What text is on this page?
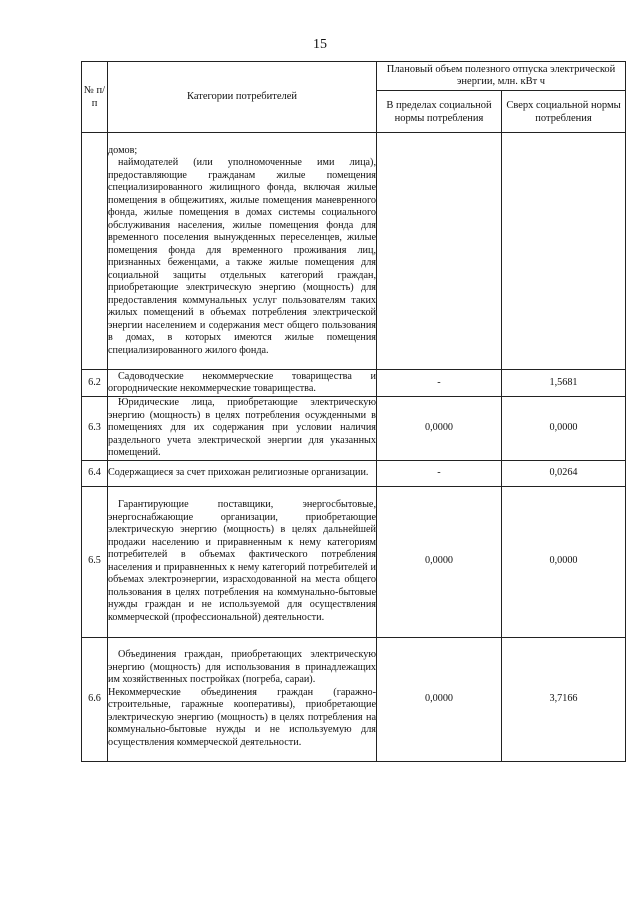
15
№ п/п	Категории потребителей	Плановый объем полезного отпуска электрической энергии, млн. кВт ч	
		В пределах социальной нормы потребления	Сверх социальной нормы потребления

	домов;

наймодателей (или уполномоченные ими лица), предоставляющие гражданам жилые помещения специализированного жилищного фонда, включая жилые помещения в общежитиях, жилые помещения маневренного фонда, жилые помещения в домах системы социального обслуживания населения, жилые помещения фонда для временного поселения вынужденных переселенцев, жилые помещения фонда для временного проживания лиц, признанных беженцами, а также жилые помещения для социальной защиты отдельных категорий граждан, приобретающие электрическую энергию (мощность) для предоставления коммунальных услуг пользователям таких жилых помещений в объемах потребления электрической энергии населением и содержания мест общего пользования в домах, в которых имеются жилые помещения специализированного жилого фонда.		

6.2	Садоводческие некоммерческие товарищества и огороднические некоммерческие товарищества.	-	1,5681
6.3	Юридические лица, приобретающие электрическую энергию (мощность) в целях потребления осужденными в помещениях для их содержания при условии наличия раздельного учета электрической энергии для указанных помещений.	0,0000	0,0000
6.4	Содержащиеся за счет прихожан религиозные организации.	-	0,0264
6.5	Гарантирующие поставщики, энергосбытовые, энергоснабжающие организации, приобретающие электрическую энергию (мощность) в целях дальнейшей продажи населению и приравненным к нему категориям потребителей в объемах фактического потребления населения и приравненных к нему категорий потребителей и объемах электроэнергии, израсходованной на места общего пользования в целях потребления на коммунально-бытовые нужды граждан и не используемой для осуществления коммерческой (профессиональной) деятельности.	0,0000	0,0000
6.6	Объединения граждан, приобретающих электрическую энергию (мощность) для использования в принадлежащих им хозяйственных постройках (погреба, сараи).

Некоммерческие объединения граждан (гаражно-строительные, гаражные кооперативы), приобретающие электрическую энергию (мощность) в целях потребления на коммунально-бытовые нужды и не используемую для осуществления коммерческой деятельности.	0,0000	3,7166
